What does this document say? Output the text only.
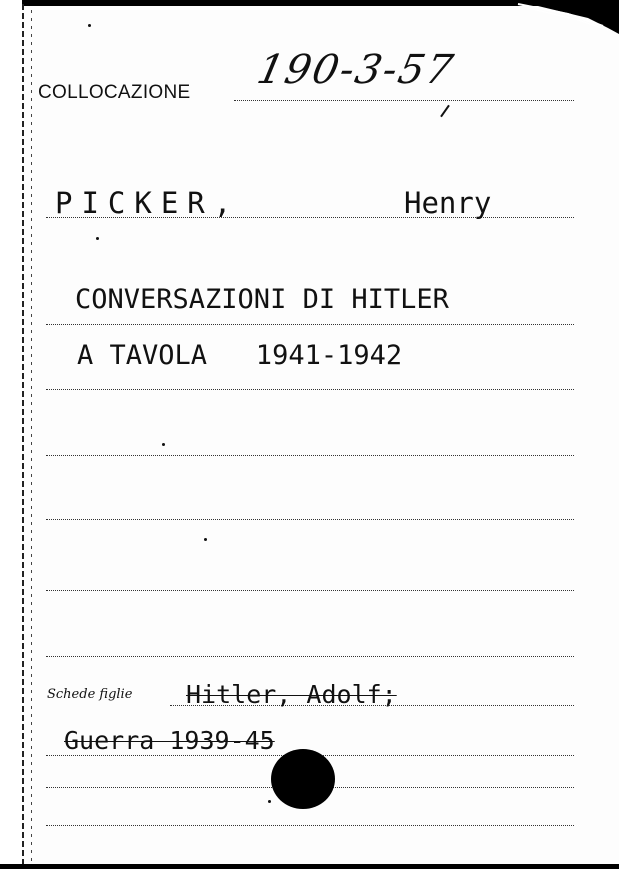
COLLOCAZIONE 190-3-57
PICKER,	Henry
CONVERSAZIONI DI HITLER
A TAVOLA   1941-1942
Schede figlie Hitler, Adolf;
Guerra 1939-45
